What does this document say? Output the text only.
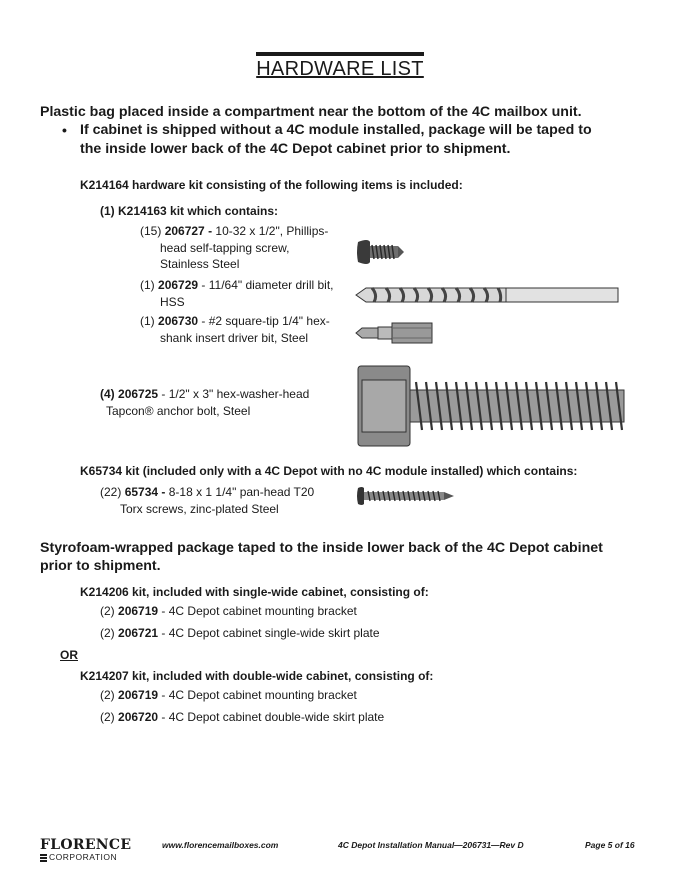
HARDWARE LIST
Plastic bag placed inside a compartment near the bottom of the 4C mailbox unit.
• If cabinet is shipped without a 4C module installed, package will be taped to
the inside lower back of the 4C Depot cabinet prior to shipment.
K214164 hardware kit consisting of the following items is included:
(1) K214163 kit which contains:
(15) 206727 - 10-32 x 1/2", Phillips-
head self-tapping screw,
Stainless Steel
(1) 206729 - 11/64" diameter drill bit,
HSS
(1) 206730 - #2 square-tip 1/4" hex-
shank insert driver bit, Steel
(4) 206725 - 1/2" x 3" hex-washer-head
Tapcon® anchor bolt, Steel
K65734 kit (included only with a 4C Depot with no 4C module installed) which contains:
(22) 65734 - 8-18 x 1 1/4" pan-head T20
Torx screws, zinc-plated Steel
Styrofoam-wrapped package taped to the inside lower back of the 4C Depot cabinet
prior to shipment.
K214206 kit, included with single-wide cabinet, consisting of:
(2) 206719 - 4C Depot cabinet mounting bracket
(2) 206721 - 4C Depot cabinet single-wide skirt plate
OR
K214207 kit, included with double-wide cabinet, consisting of:
(2) 206719 - 4C Depot cabinet mounting bracket
(2) 206720 - 4C Depot cabinet double-wide skirt plate
FLORENCE
CORPORATION
www.florencemailboxes.com	4C Depot Installation Manual—206731—Rev D	Page 5 of 16
